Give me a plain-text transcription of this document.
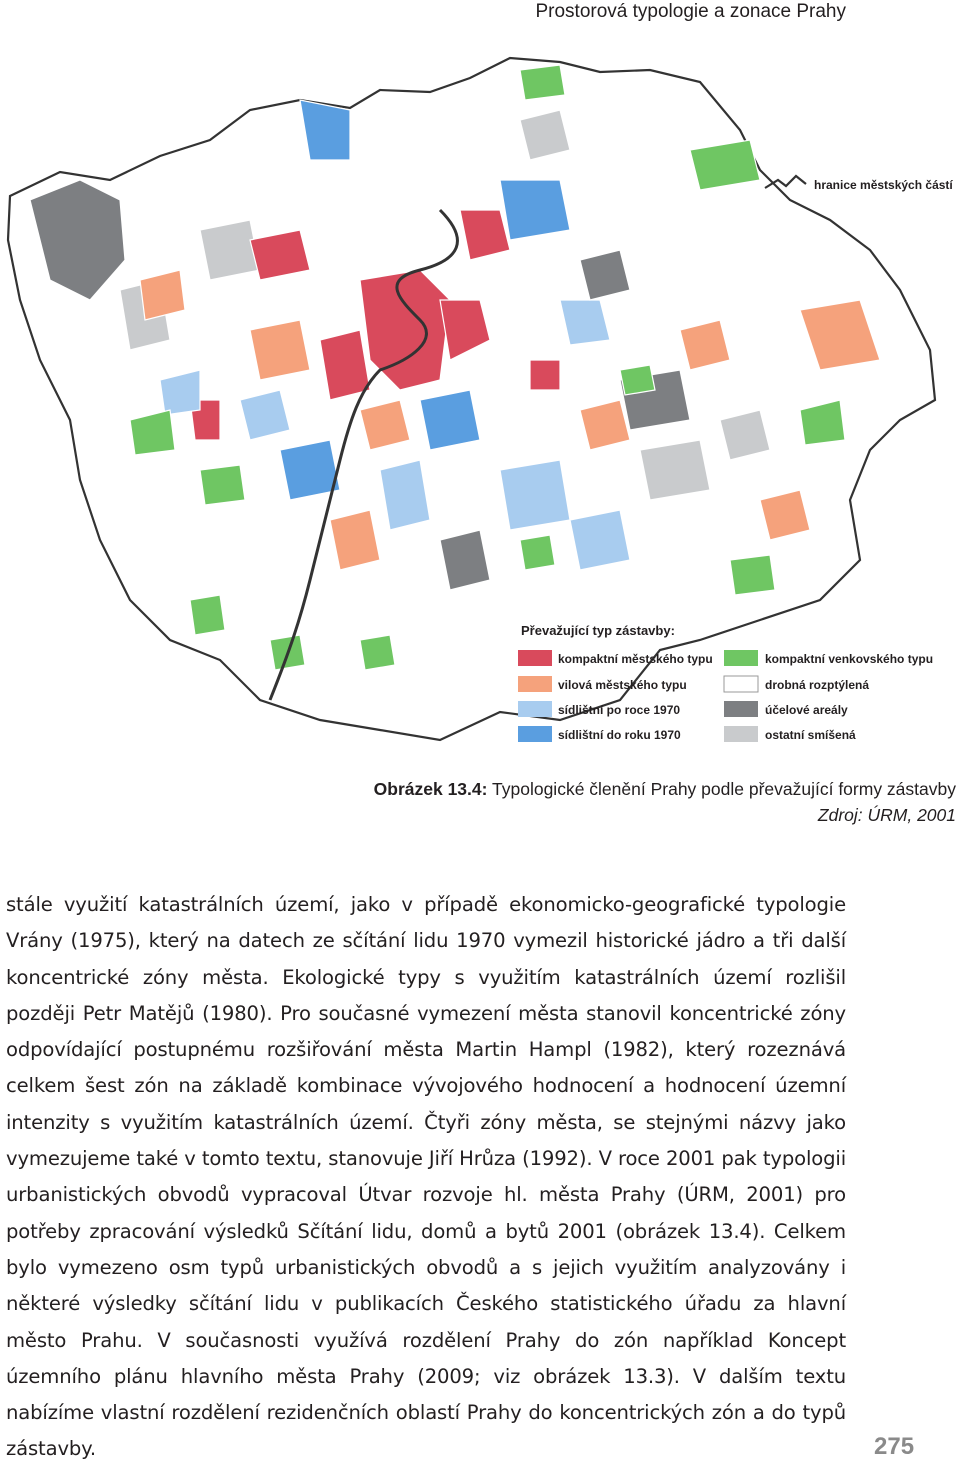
Prostorová typologie a zonace Prahy
hranice městských částí
Převažující typ zástavby:
kompaktní městského typu
vilová městského typu
sídlištní po roce 1970
sídlištní do roku 1970
kompaktní venkovského typu
drobná rozptýlená
účelové areály
ostatní smíšená
Obrázek 13.4: Typologické členění Prahy podle převažující formy zástavby
Zdroj: ÚRM, 2001

stále využití katastrálních území, jako v případě ekonomicko-geografické typologie Vrány (1975), který na datech ze sčítání lidu 1970 vymezil historické jádro a tři další koncentrické zóny města. Ekologické typy s využitím katastrálních území rozlišil později Petr Matějů (1980). Pro současné vymezení města stanovil koncentrické zóny odpovídající postupnému rozšiřování města Martin Hampl (1982), který rozeznává celkem šest zón na základě kombinace vývojového hodnocení a hodnocení územní intenzity s využitím katastrálních území. Čtyři zóny města, se stejnými názvy jako vymezujeme také v tomto textu, stanovuje Jiří Hrůza (1992). V roce 2001 pak typologii urbanistických obvodů vypracoval Útvar rozvoje hl. města Prahy (ÚRM, 2001) pro potřeby zpracování výsledků Sčítání lidu, domů a bytů 2001 (obrázek 13.4). Celkem bylo vymezeno osm typů urbanistických obvodů a s jejich využitím analyzovány i některé výsledky sčítání lidu v publikacích Českého statistického úřadu za hlavní město Prahu. V současnosti využívá rozdělení Prahy do zón například Koncept územního plánu hlavního města Prahy (2009; viz obrázek 13.3). V dalším textu nabízíme vlastní rozdělení rezidenčních oblastí Prahy do koncentrických zón a do typů zástavby.	275
